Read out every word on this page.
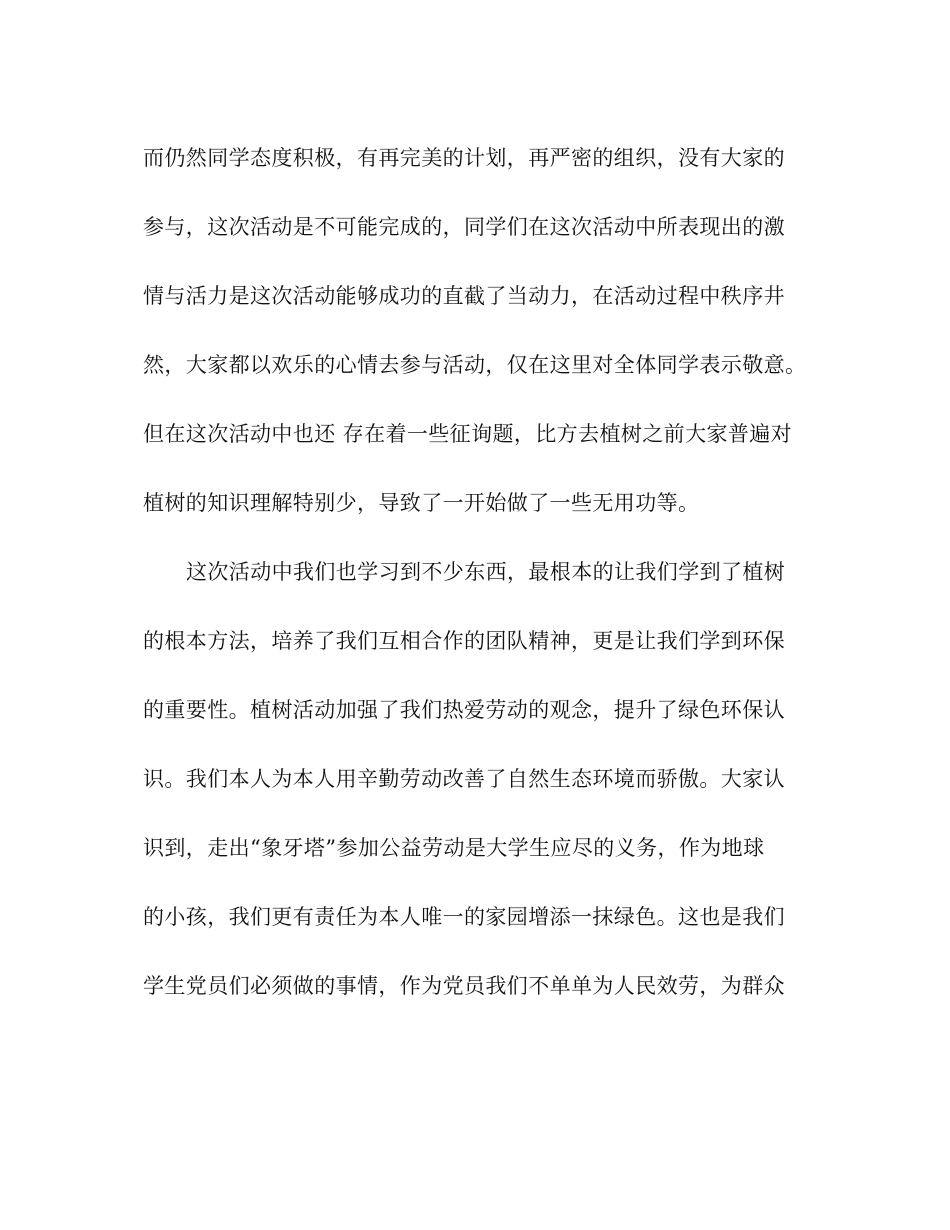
而仍然同学态度积极，有再完美的计划，再严密的组织，没有大家的
参与，这次活动是不可能完成的，同学们在这次活动中所表现出的激
情与活力是这次活动能够成功的直截了当动力，在活动过程中秩序井
然，大家都以欢乐的心情去参与活动，仅在这里对全体同学表示敬意。
但在这次活动中也还 存在着一些征询题，比方去植树之前大家普遍对
植树的知识理解特别少，导致了一开始做了一些无用功等。
这次活动中我们也学习到不少东西，最根本的让我们学到了植树
的根本方法，培养了我们互相合作的团队精神，更是让我们学到环保
的重要性。植树活动加强了我们热爱劳动的观念，提升了绿色环保认
识。我们本人为本人用辛勤劳动改善了自然生态环境而骄傲。大家认
识到，走出“象牙塔”参加公益劳动是大学生应尽的义务，作为地球
的小孩，我们更有责任为本人唯一的家园增添一抹绿色。这也是我们
学生党员们必须做的事情，作为党员我们不单单为人民效劳，为群众
